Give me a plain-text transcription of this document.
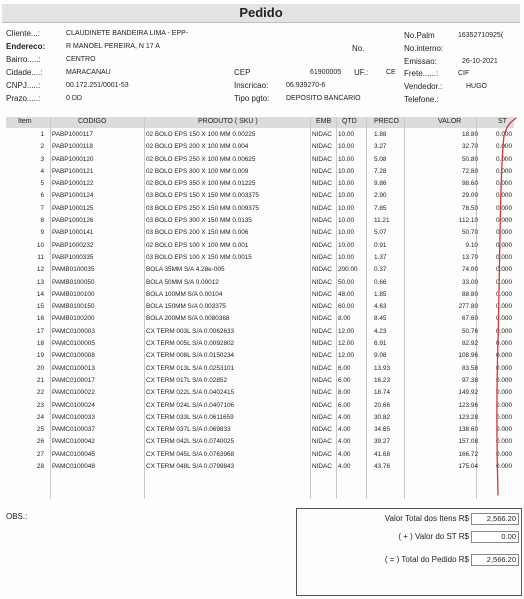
Pedido
Cliente...:	CLAUDINETE BANDEIRA LIMA - EPP-
Endereco:	R MANOEL PEREIRA, N 17 A	No.
Bairro.....:	CENTRO
Cidade....:	MARACANAU
CNPJ.....:	00.172.251/0001-53
Prazo.....:	0 DD
CEP	61900005 UF.:	CE
Inscricao:	06.939270-6
Tipo pgto: DEPOSITO BANCARIO
No.Palm	16352710925(
No.interno:
Emissao:	26-10-2021
Frete......:	CIF
Vendedor.:	HUGO
Telefone.:
Item	CODIGO	PRODUTO ( SKU )	EMB QTD PRECO	VALOR	ST
1 PABP1000117	02 BOLO EPS 150 X 100 MM 0.00225	NIDAC 10.00	1.88	18.80	0.000
2 PABP1000118	02 BOLO EPS 200 X 100 MM 0.004	NIDAC 10.00	3.27	32.70	0.000
3 PABP1000120	02 BOLO EPS 250 X 100 MM 0.00625	NIDAC 10.00	5.08	50.80	0.000
4 PABP1000121	02 BOLO EPS 300 X 100 MM 0.009	NIDAC 10.00	7.28	72.80	0.000
5 PABP1000122	02 BOLO EPS 350 X 100 MM 0.01225	NIDAC 10.00	9.86	98.60	0.000
6 PABP1000124	03 BOLO EPS 150 X 150 MM 0.003375	NIDAC 10.00	2.90	29.00	0.000
7 PABP1000125	03 BOLO EPS 250 X 150 MM 0.009375	NIDAC 10.00	7.85	78.50	0.000
8 PABP1000126	03 BOLO EPS 300 X 150 MM 0.0135	NIDAC 10.00	11.21	112.10	0.000
9 PABP1000141	03 BOLO EPS 200 X 150 MM 0.006	NIDAC 10.00	5.07	50.70	0.000
10 PABP1000232	02 BOLO EPS 100 X 100 MM 0.001	NIDAC 10.00	0.91	9.10	0.000
11 PABP1000335	03 BOLO EPS 100 X 150 MM 0.0015	NIDAC 10.00	1.37	13.70	0.000
12 PAMB0100035	BOLA 35MM S/A 4.28e-005	NIDAC 200.00	0.37	74.00	0.000
13 PAMB0100050	BOLA 50MM S/A 0.00012	NIDAC 50.00	0.66	33.00	0.000
14 PAMB0100100	BOLA 100MM S/A 0.00104	NIDAC 48.00	1.85	88.80	0.000
15 PAMB0100150	BOLA 150MM S/A 0.003375	NIDAC 60.00	4.63	277.80	0.000
16 PAMB0100200	BOLA 200MM S/A 0.0080368	NIDAC 8.00	8.45	67.60	0.000
17 PAMC0100003	CX TERM 003L S/A 0.0062633	NIDAC 12.00	4.23	50.76	0.000
18 PAMC0100005	CX TERM 005L S/A 0.0092802	NIDAC 12.00	6.91	82.92	0.000
19 PAMC0100008	CX TERM 008L S/A 0.0150234	NIDAC 12.00	9.08	108.96	0.000
20 PAMC0100013	CX TERM 013L S/A 0.0253101	NIDAC 6.00	13.93	83.58	0.000
21 PAMC0100017	CX TERM 017L S/A 0.02852	NIDAC 6.00	16.23	97.38	0.000
22 PAMC0100022	CX TERM 022L S/A 0.0402415	NIDAC 8.00	18.74	149.92	0.000
23 PAMC0100024	CX TERM 024L S/A 0.0407106	NIDAC 6.00	20.66	123.96	0.000
24 PAMC0100033	CX TERM 033L S/A 0.0611659	NIDAC 4.00	30.82	123.28	0.000
25 PAMC0100037	CX TERM 037L S/A 0.069833	NIDAC 4.00	34.65	138.60	0.000
26 PAMC0100042	CX TERM 042L S/A 0.0740025	NIDAC 4.00	39.27	157.08	0.000
27 PAMC0100045	CX TERM 045L S/A 0.0763968	NIDAC 4.00	41.68	166.72	0.000
28 PAMC0100048	CX TERM 048L S/A 0.0799843	NIDAC 4.00	43.76	175.04	0.000
OBS.:	Valor Total dos Itens R$	2,566.20
( + ) Valor do ST R$	0.00
( = ) Total do Pedido R$	2,566.20
